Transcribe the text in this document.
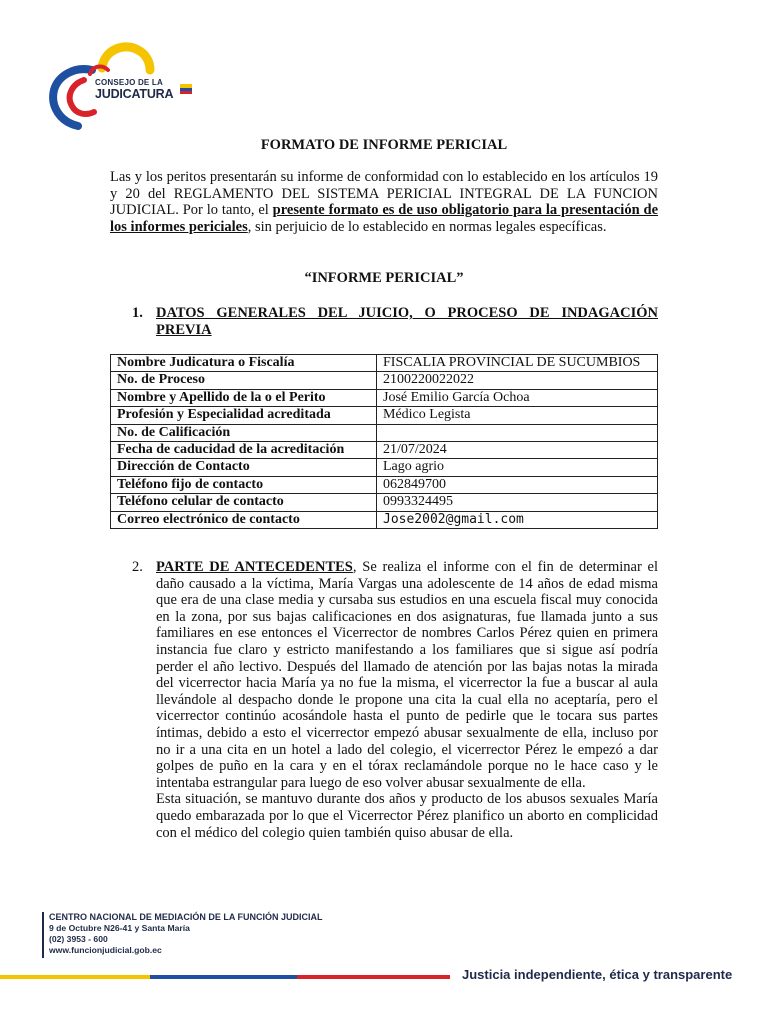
CONSEJO DE LA
JUDICATURA
FORMATO DE INFORME PERICIAL
Las y los peritos presentarán su informe de conformidad con lo establecido en los artículos 19 y 20 del REGLAMENTO DEL SISTEMA PERICIAL INTEGRAL DE LA FUNCION JUDICIAL. Por lo tanto, el presente formato es de uso obligatorio para la presentación de los informes periciales, sin perjuicio de lo establecido en normas legales específicas.
“INFORME PERICIAL”
1. DATOS GENERALES DEL JUICIO, O PROCESO DE INDAGACIÓN PREVIA
Nombre Judicatura o Fiscalía	FISCALIA PROVINCIAL DE SUCUMBIOS
No. de Proceso	2100220022022
Nombre y Apellido de la o el Perito	José Emilio García Ochoa
Profesión y Especialidad acreditada	Médico Legista
No. de Calificación	
Fecha de caducidad de la acreditación	21/07/2024
Dirección de Contacto	Lago agrio
Teléfono fijo de contacto	062849700
Teléfono celular de contacto	0993324495
Correo electrónico de contacto	Jose2002@gmail.com
2. PARTE DE ANTECEDENTES, Se realiza el informe con el fin de determinar el daño causado a la víctima, María Vargas una adolescente de 14 años de edad misma que era de una clase media y cursaba sus estudios en una escuela fiscal muy conocida en la zona, por sus bajas calificaciones en dos asignaturas, fue llamada junto a sus familiares en ese entonces el Vicerrector de nombres Carlos Pérez quien en primera instancia fue claro y estricto manifestando a los familiares que si sigue así podría perder el año lectivo. Después del llamado de atención por las bajas notas la mirada del vicerrector hacia María ya no fue la misma, el vicerrector la fue a buscar al aula llevándole al despacho donde le propone una cita la cual ella no aceptaría, pero el vicerrector continúo acosándole hasta el punto de pedirle que le tocara sus partes íntimas, debido a esto el vicerrector empezó abusar sexualmente de ella, incluso por no ir a una cita en un hotel a lado del colegio, el vicerrector Pérez le empezó a dar golpes de puño en la cara y en el tórax reclamándole porque no le hace caso y le intentaba estrangular para luego de eso volver abusar sexualmente de ella.
Esta situación, se mantuvo durante dos años y producto de los abusos sexuales María quedo embarazada por lo que el Vicerrector Pérez planifico un aborto en complicidad con el médico del colegio quien también quiso abusar de ella.
CENTRO NACIONAL DE MEDIACIÓN DE LA FUNCIÓN JUDICIAL
9 de Octubre N26-41 y Santa María
(02) 3953 - 600
www.funcionjudicial.gob.ec
Justicia independiente, ética y transparente
